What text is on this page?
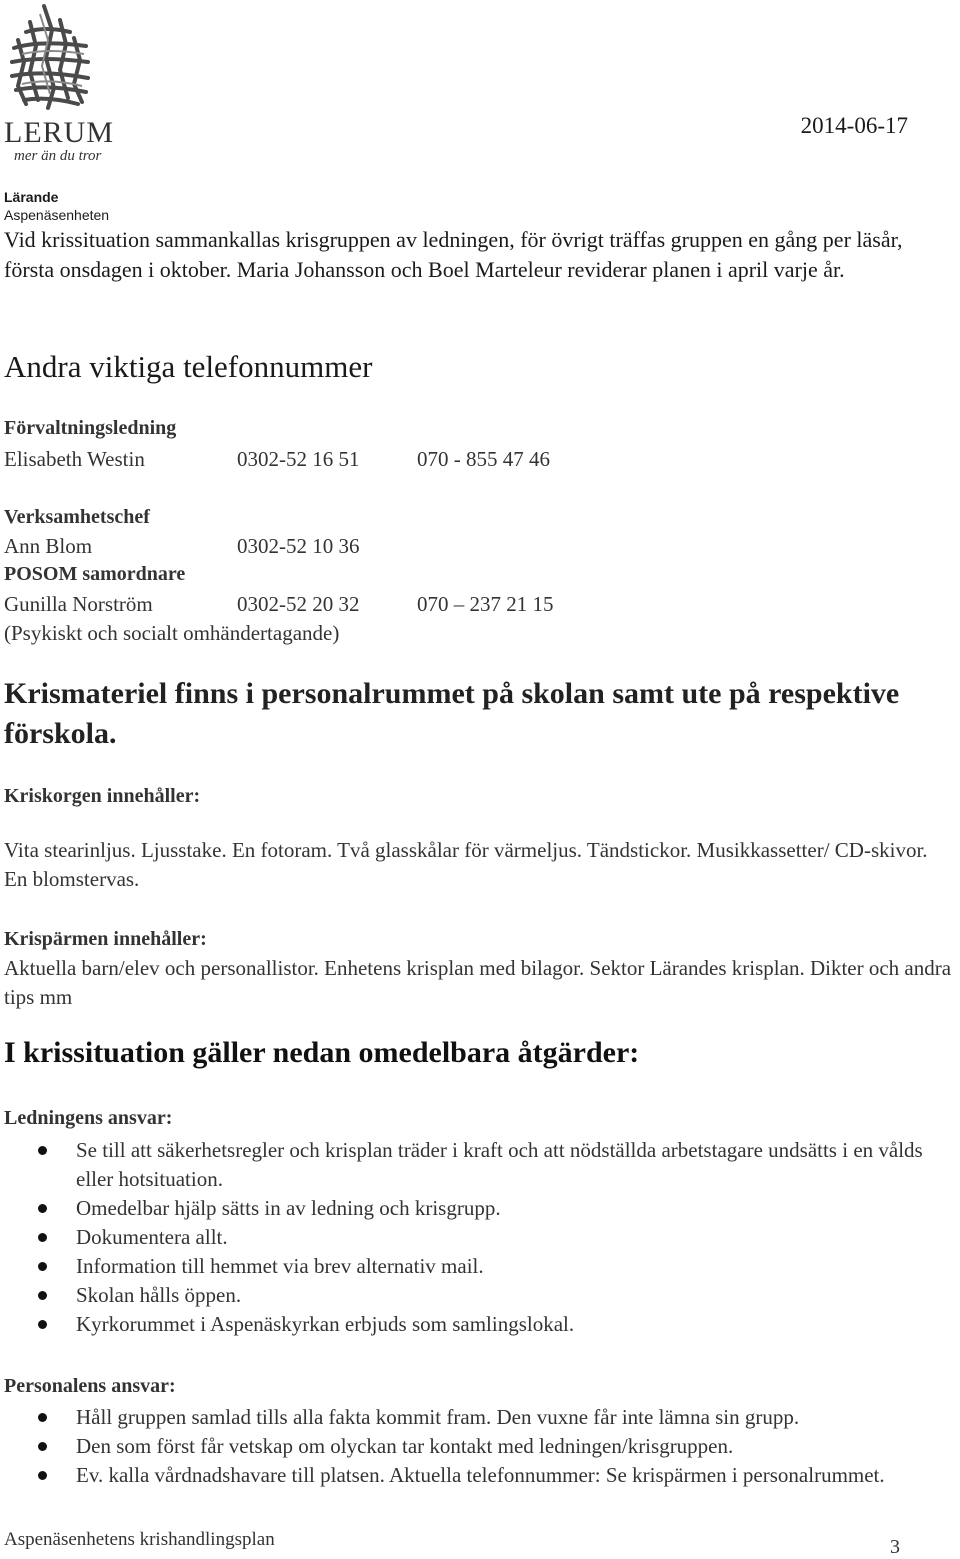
LERUM
mer än du tror
2014-06-17
Lärande
Aspenäsenheten
Vid krissituation sammankallas krisgruppen av ledningen, för övrigt träffas gruppen en gång per läsår, första onsdagen i oktober. Maria Johansson och Boel Marteleur reviderar planen i april varje år.
Andra viktiga telefonnummer
Förvaltningsledning
Elisabeth Westin	0302-52 16 51	070 - 855 47 46
Verksamhetschef
Ann Blom	0302-52 10 36
POSOM samordnare
Gunilla Norström	0302-52 20 32	070 – 237 21 15
(Psykiskt och socialt omhändertagande)
Krismateriel finns i personalrummet på skolan samt ute på respektive förskola.
Kriskorgen innehåller:
Vita stearinljus. Ljusstake. En fotoram. Två glasskålar för värmeljus. Tändstickor. Musikkassetter/ CD-skivor. En blomstervas.
Krispärmen innehåller:
Aktuella barn/elev och personallistor. Enhetens krisplan med bilagor. Sektor Lärandes krisplan. Dikter och andra tips mm
I krissituation gäller nedan omedelbara åtgärder:
Ledningens ansvar:
Se till att säkerhetsregler och krisplan träder i kraft och att nödställda arbetstagare undsätts i en vålds eller hotsituation.
Omedelbar hjälp sätts in av ledning och krisgrupp.
Dokumentera allt.
Information till hemmet via brev alternativ mail.
Skolan hålls öppen.
Kyrkorummet i Aspenäskyrkan erbjuds som samlingslokal.
Personalens ansvar:
Håll gruppen samlad tills alla fakta kommit fram. Den vuxne får inte lämna sin grupp.
Den som först får vetskap om olyckan tar kontakt med ledningen/krisgruppen.
Ev. kalla vårdnadshavare till platsen. Aktuella telefonnummer: Se krispärmen i personalrummet.
Aspenäsenhetens krishandlingsplan	3
